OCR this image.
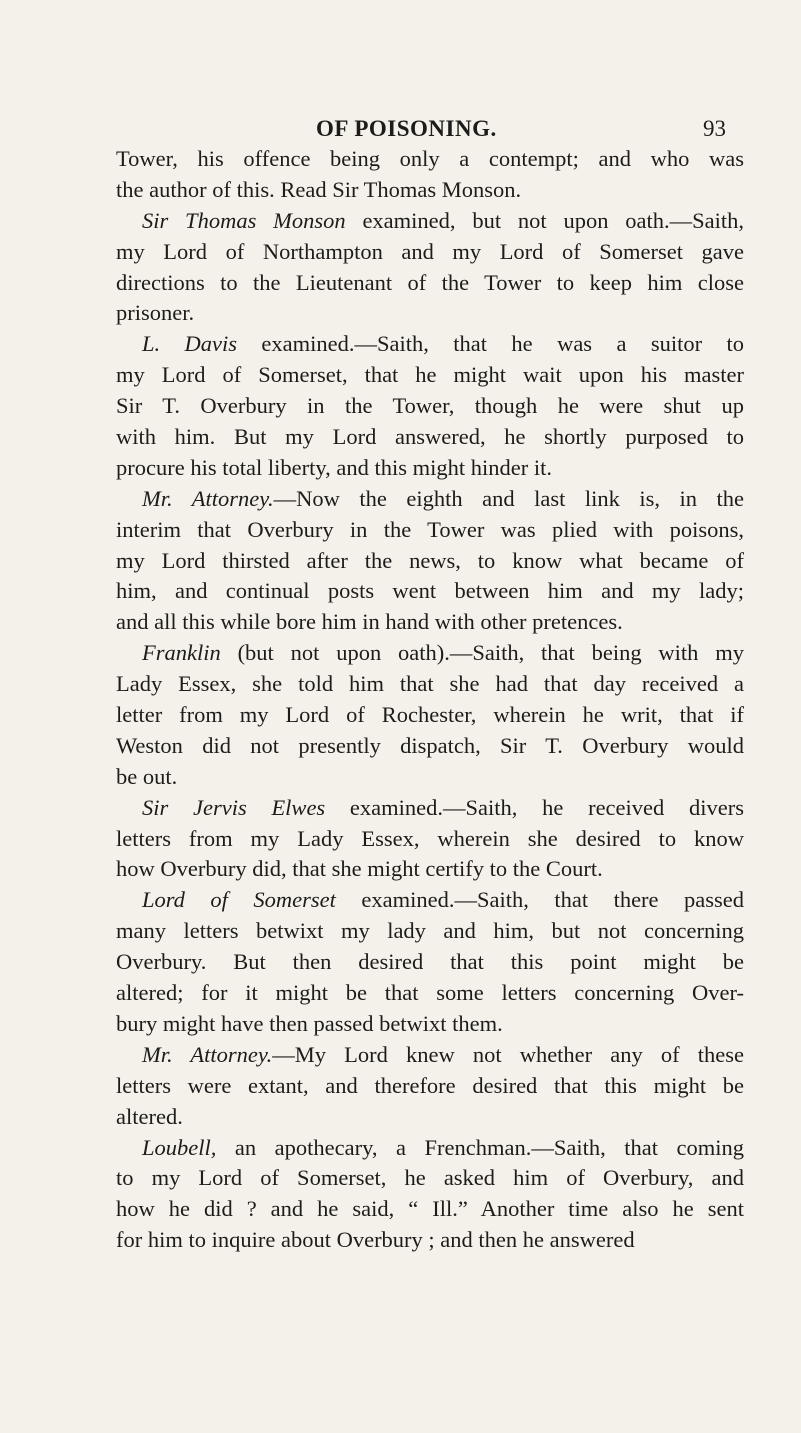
OF POISONING.	93
Tower, his offence being only a contempt; and who was
the author of this. Read Sir Thomas Monson.
Sir Thomas Monson examined, but not upon oath.—Saith,
my Lord of Northampton and my Lord of Somerset gave
directions to the Lieutenant of the Tower to keep him close
prisoner.
L. Davis examined.—Saith, that he was a suitor to
my Lord of Somerset, that he might wait upon his master
Sir T. Overbury in the Tower, though he were shut up
with him. But my Lord answered, he shortly purposed to
procure his total liberty, and this might hinder it.
Mr. Attorney.—Now the eighth and last link is, in the
interim that Overbury in the Tower was plied with poisons,
my Lord thirsted after the news, to know what became of
him, and continual posts went between him and my lady;
and all this while bore him in hand with other pretences.
Franklin (but not upon oath).—Saith, that being with my
Lady Essex, she told him that she had that day received a
letter from my Lord of Rochester, wherein he writ, that if
Weston did not presently dispatch, Sir T. Overbury would
be out.
Sir Jervis Elwes examined.—Saith, he received divers
letters from my Lady Essex, wherein she desired to know
how Overbury did, that she might certify to the Court.
Lord of Somerset examined.—Saith, that there passed
many letters betwixt my lady and him, but not concerning
Overbury. But then desired that this point might be
altered; for it might be that some letters concerning Over-
bury might have then passed betwixt them.
Mr. Attorney.—My Lord knew not whether any of these
letters were extant, and therefore desired that this might be
altered.
Loubell, an apothecary, a Frenchman.—Saith, that coming
to my Lord of Somerset, he asked him of Overbury, and
how he did ? and he said, “ Ill.” Another time also he sent
for him to inquire about Overbury ; and then he answered
